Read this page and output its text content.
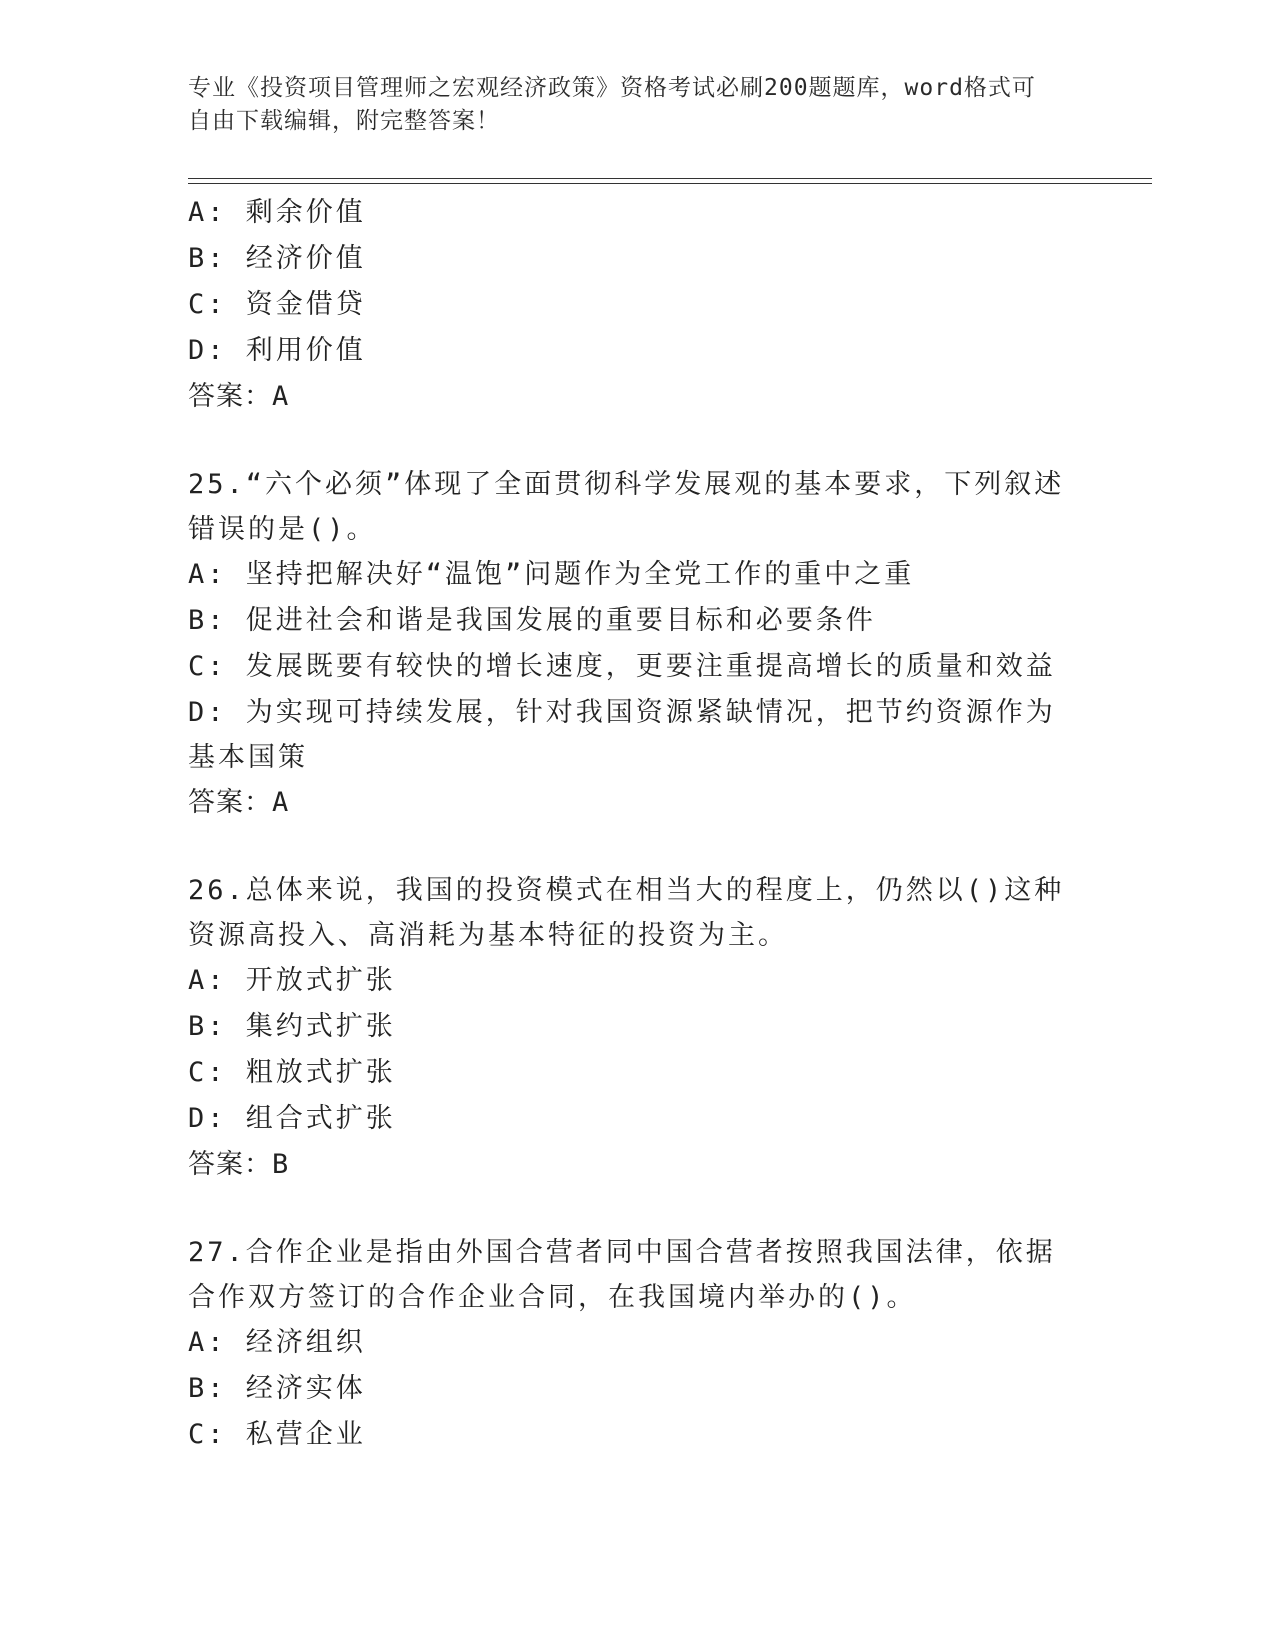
专业《投资项目管理师之宏观经济政策》资格考试必刷200题题库，word格式可
自由下载编辑，附完整答案！
A: 剩余价值
B: 经济价值
C: 资金借贷
D: 利用价值
答案：A
25.“六个必须”体现了全面贯彻科学发展观的基本要求，下列叙述错误的是()。
A: 坚持把解决好“温饱”问题作为全党工作的重中之重
B: 促进社会和谐是我国发展的重要目标和必要条件
C: 发展既要有较快的增长速度，更要注重提高增长的质量和效益
D: 为实现可持续发展，针对我国资源紧缺情况，把节约资源作为基本国策
答案：A
26.总体来说，我国的投资模式在相当大的程度上，仍然以()这种资源高投入、高消耗为基本特征的投资为主。
A: 开放式扩张
B: 集约式扩张
C: 粗放式扩张
D: 组合式扩张
答案：B
27.合作企业是指由外国合营者同中国合营者按照我国法律，依据合作双方签订的合作企业合同，在我国境内举办的()。
A: 经济组织
B: 经济实体
C: 私营企业
